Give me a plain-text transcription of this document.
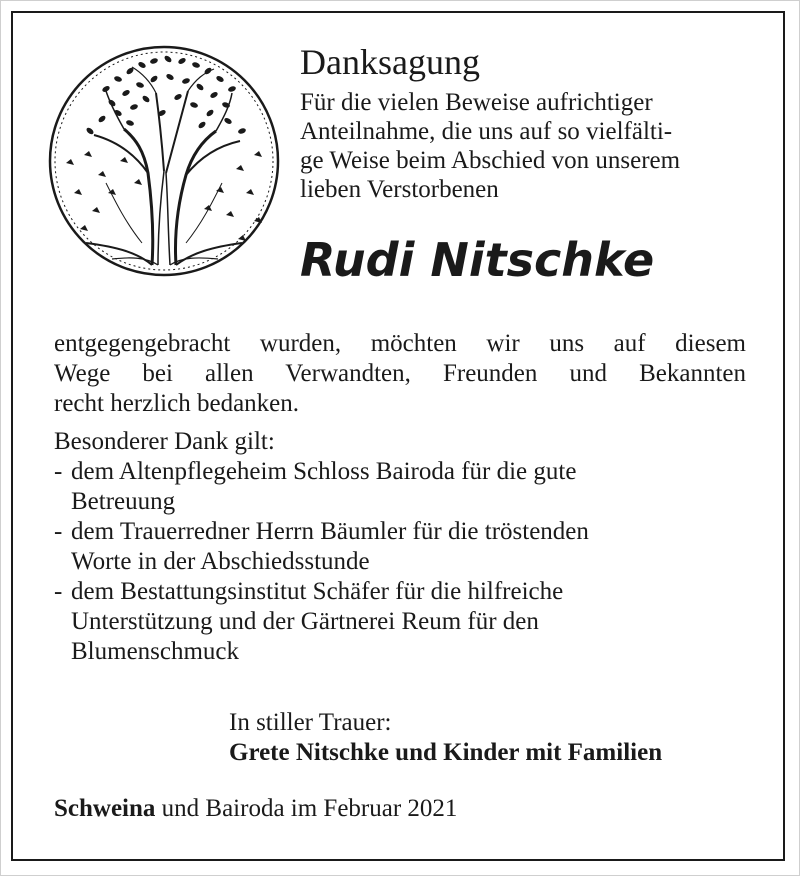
Danksagung
Für die vielen Beweise aufrichtiger
Anteilnahme, die uns auf so vielfälti-
ge Weise beim Abschied von unserem
lieben Verstorbenen
Rudi Nitschke
entgegengebracht wurden, möchten wir uns auf diesem
Wege bei allen Verwandten, Freunden und Bekannten
recht herzlich bedanken.
Besonderer Dank gilt:
- dem Altenpflegeheim Schloss Bairoda für die gute
Betreuung
- dem Trauerredner Herrn Bäumler für die tröstenden
Worte in der Abschiedsstunde
- dem Bestattungsinstitut Schäfer für die hilfreiche
Unterstützung und der Gärtnerei Reum für den
Blumenschmuck
In stiller Trauer:
Grete Nitschke und Kinder mit Familien
Schweina und Bairoda im Februar 2021
